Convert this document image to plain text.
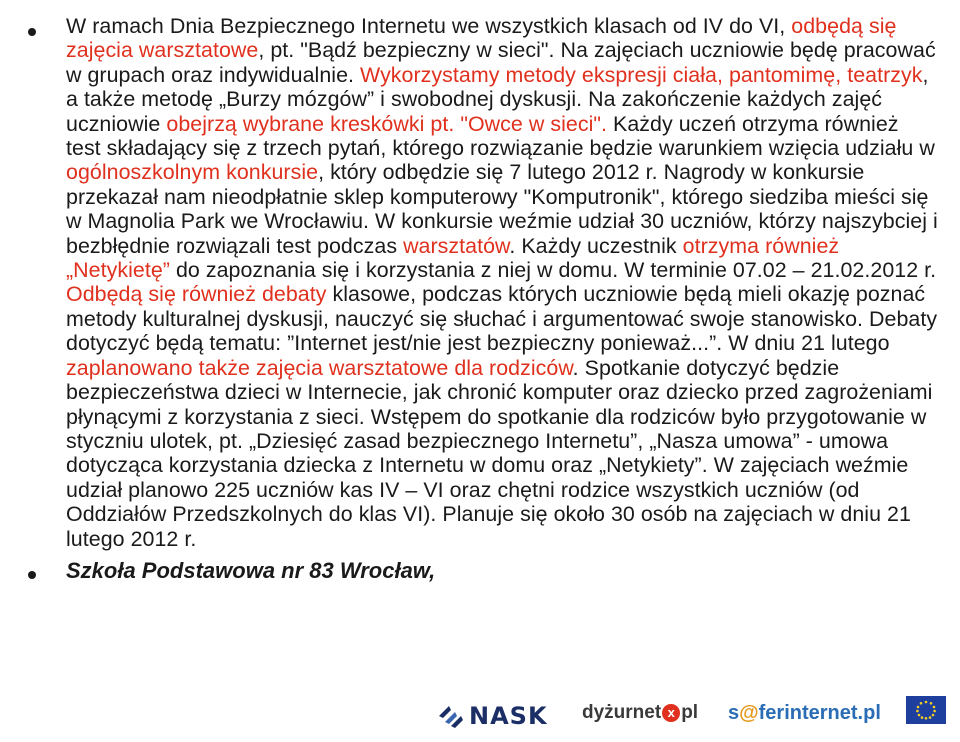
W ramach Dnia Bezpiecznego Internetu we wszystkich klasach od IV do VI, odbędą się zajęcia warsztatowe, pt. "Bądź bezpieczny w sieci". Na zajęciach uczniowie będę pracować w grupach oraz indywidualnie. Wykorzystamy metody ekspresji ciała, pantomimę, teatrzyk, a także metodę „Burzy mózgów” i swobodnej dyskusji. Na zakończenie każdych zajęć uczniowie obejrzą wybrane kreskówki pt. "Owce w sieci". Każdy uczeń otrzyma również test składający się z trzech pytań, którego rozwiązanie będzie warunkiem wzięcia udziału w ogólnoszkolnym konkursie, który odbędzie się 7 lutego 2012 r. Nagrody w konkursie przekazał nam nieodpłatnie sklep komputerowy "Komputronik", którego siedziba mieści się w Magnolia Park we Wrocławiu. W konkursie weźmie udział 30 uczniów, którzy najszybciej i bezbłędnie rozwiązali test podczas warsztatów. Każdy uczestnik otrzyma również „Netykietę” do zapoznania się i korzystania z niej w domu. W terminie 07.02 – 21.02.2012 r. Odbędą się również debaty klasowe, podczas których uczniowie będą mieli okazję poznać metody kulturalnej dyskusji, nauczyć się słuchać i argumentować swoje stanowisko. Debaty dotyczyć będą tematu: ”Internet jest/nie jest bezpieczny ponieważ...”. W dniu 21 lutego zaplanowano także zajęcia warsztatowe dla rodziców. Spotkanie dotyczyć będzie bezpieczeństwa dzieci w Internecie, jak chronić komputer oraz dziecko przed zagrożeniami płynącymi z korzystania z sieci. Wstępem do spotkanie dla rodziców było przygotowanie w styczniu ulotek, pt. „Dziesięć zasad bezpiecznego Internetu”, „Nasza umowa” - umowa dotycząca korzystania dziecka z Internetu w domu oraz „Netykiety”. W zajęciach weźmie udział planowo 225 uczniów kas IV – VI oraz chętni rodzice wszystkich uczniów (od Oddziałów Przedszkolnych do klas VI). Planuje się około 30 osób na zajęciach w dniu 21 lutego 2012 r.

Szkoła Podstawowa nr 83 Wrocław,

NASK dyżurnet x pl s@ferinternet.pl
